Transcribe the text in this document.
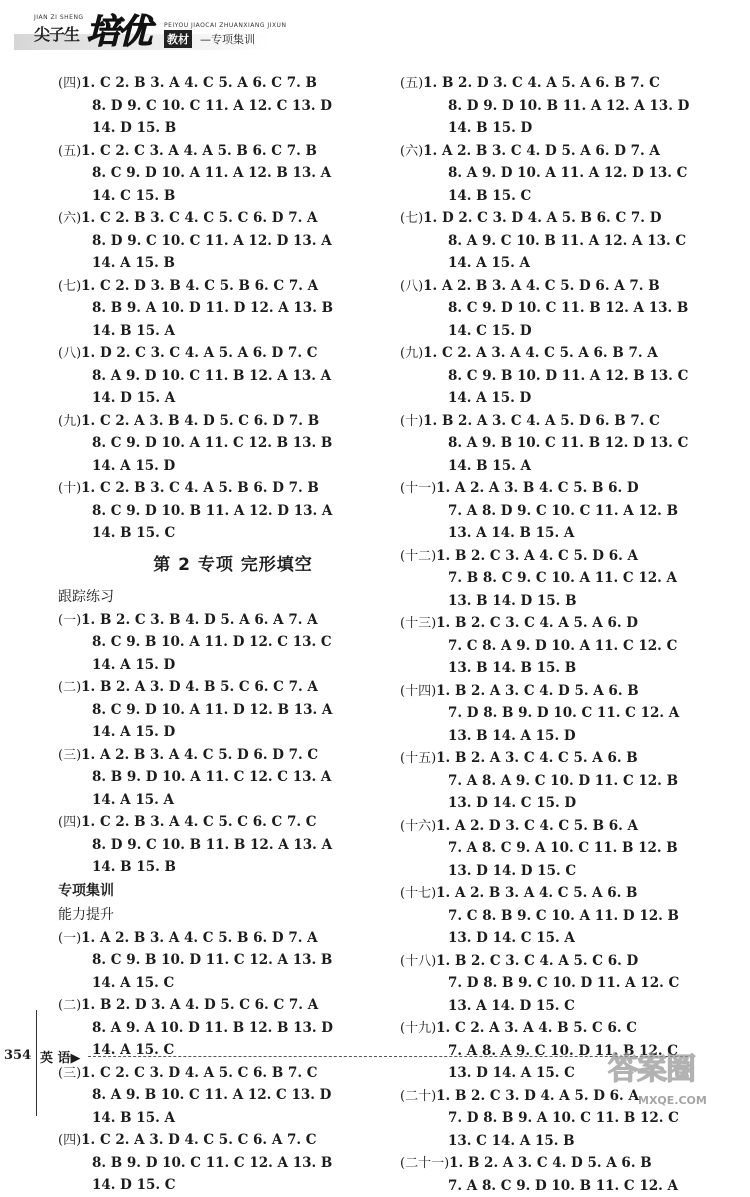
JIAN ZI SHENG
尖子生 培优 PEIYOU JIAOCAI ZHUANXIANG JIXUN
教材 —专项集训
(四)1. C 2. B 3. A 4. C 5. A 6. C 7. B
8. D 9. C 10. C 11. A 12. C 13. D
14. D 15. B
(五)1. C 2. C 3. A 4. A 5. B 6. C 7. B
8. C 9. D 10. A 11. A 12. B 13. A
14. C 15. B
(六)1. C 2. B 3. C 4. C 5. C 6. D 7. A
8. D 9. C 10. C 11. A 12. D 13. A
14. A 15. B
(七)1. C 2. D 3. B 4. C 5. B 6. C 7. A
8. B 9. A 10. D 11. D 12. A 13. B
14. B 15. A
(八)1. D 2. C 3. C 4. A 5. A 6. D 7. C
8. A 9. D 10. C 11. B 12. A 13. A
14. D 15. A
(九)1. C 2. A 3. B 4. D 5. C 6. D 7. B
8. C 9. D 10. A 11. C 12. B 13. B
14. A 15. D
(十)1. C 2. B 3. C 4. A 5. B 6. D 7. B
8. C 9. D 10. B 11. A 12. D 13. A
14. B 15. C
第 2 专项 完形填空
跟踪练习
(一)1. B 2. C 3. B 4. D 5. A 6. A 7. A
8. C 9. B 10. A 11. D 12. C 13. C
14. A 15. D
(二)1. B 2. A 3. D 4. B 5. C 6. C 7. A
8. C 9. D 10. A 11. D 12. B 13. A
14. A 15. D
(三)1. A 2. B 3. A 4. C 5. D 6. D 7. C
8. B 9. D 10. A 11. C 12. C 13. A
14. A 15. A
(四)1. C 2. B 3. A 4. C 5. C 6. C 7. C
8. D 9. C 10. B 11. B 12. A 13. A
14. B 15. B
专项集训
能力提升
(一)1. A 2. B 3. A 4. C 5. B 6. D 7. A
8. C 9. B 10. D 11. C 12. A 13. B
14. A 15. C
(二)1. B 2. D 3. A 4. D 5. C 6. C 7. A
8. A 9. A 10. D 11. B 12. B 13. D
14. A 15. C
(三)1. C 2. C 3. D 4. A 5. C 6. B 7. C
8. A 9. B 10. C 11. A 12. C 13. D
14. B 15. A
(四)1. C 2. A 3. D 4. C 5. C 6. A 7. C
8. B 9. D 10. C 11. C 12. A 13. B
14. D 15. C
(五)1. B 2. D 3. C 4. A 5. A 6. B 7. C
8. D 9. D 10. B 11. A 12. A 13. D
14. B 15. D
(六)1. A 2. B 3. C 4. D 5. A 6. D 7. A
8. A 9. D 10. A 11. A 12. D 13. C
14. B 15. C
(七)1. D 2. C 3. D 4. A 5. B 6. C 7. D
8. A 9. C 10. B 11. A 12. A 13. C
14. A 15. A
(八)1. A 2. B 3. A 4. C 5. D 6. A 7. B
8. C 9. D 10. C 11. B 12. A 13. B
14. C 15. D
(九)1. C 2. A 3. A 4. C 5. A 6. B 7. A
8. C 9. B 10. D 11. A 12. B 13. C
14. A 15. D
(十)1. B 2. A 3. C 4. A 5. D 6. B 7. C
8. A 9. B 10. C 11. B 12. D 13. C
14. B 15. A
(十一)1. A 2. A 3. B 4. C 5. B 6. D
7. A 8. D 9. C 10. C 11. A 12. B
13. A 14. B 15. A
(十二)1. B 2. C 3. A 4. C 5. D 6. A
7. B 8. C 9. C 10. A 11. C 12. A
13. B 14. D 15. B
(十三)1. B 2. C 3. C 4. A 5. A 6. D
7. C 8. A 9. D 10. A 11. C 12. C
13. B 14. B 15. B
(十四)1. B 2. A 3. C 4. D 5. A 6. B
7. D 8. B 9. D 10. C 11. C 12. A
13. B 14. A 15. D
(十五)1. B 2. A 3. C 4. C 5. A 6. B
7. A 8. A 9. C 10. D 11. C 12. B
13. D 14. C 15. D
(十六)1. A 2. D 3. C 4. C 5. B 6. A
7. A 8. C 9. A 10. C 11. B 12. B
13. D 14. D 15. C
(十七)1. A 2. B 3. A 4. C 5. A 6. B
7. C 8. B 9. C 10. A 11. D 12. B
13. D 14. C 15. A
(十八)1. B 2. C 3. C 4. A 5. C 6. D
7. D 8. B 9. C 10. D 11. A 12. C
13. A 14. D 15. C
(十九)1. C 2. A 3. A 4. B 5. C 6. C
7. A 8. A 9. C 10. D 11. B 12. C
13. D 14. A 15. C
(二十)1. B 2. C 3. D 4. A 5. D 6. A
7. D 8. B 9. A 10. C 11. B 12. C
13. C 14. A 15. B
(二十一)1. B 2. A 3. C 4. D 5. A 6. B
7. A 8. C 9. D 10. B 11. C 12. A
354 英 语▶	答案圈
MXQE.COM
